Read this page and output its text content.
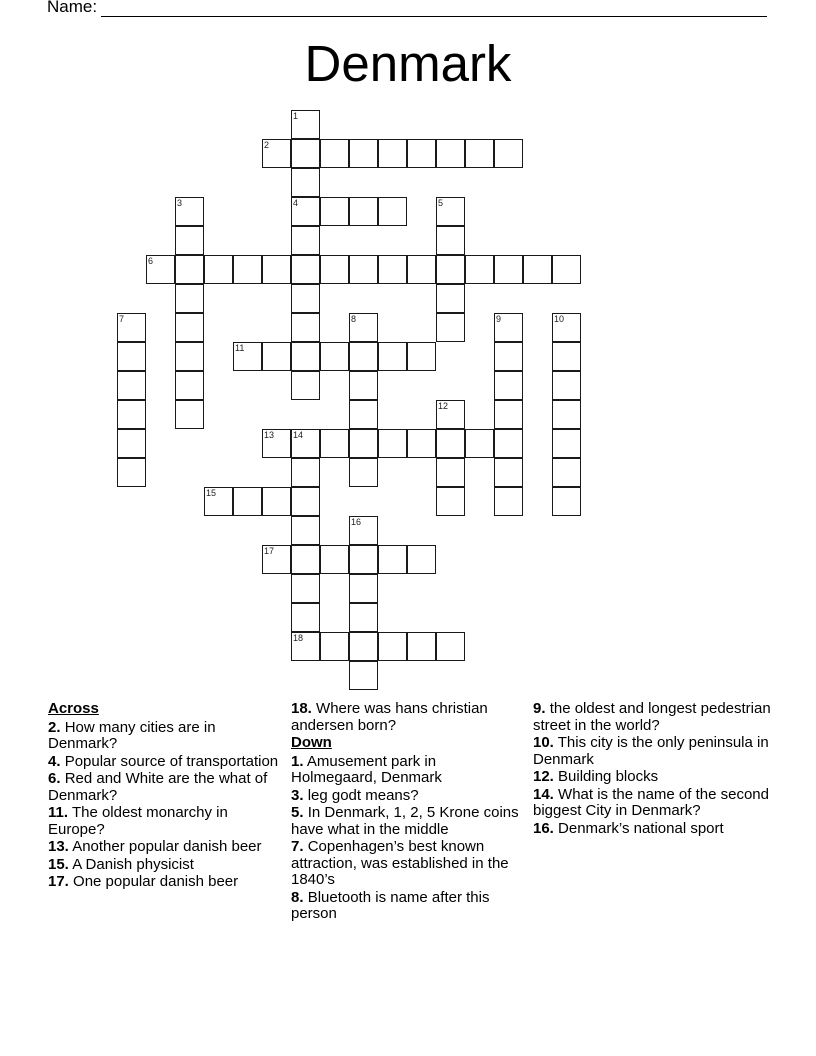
Name:
Denmark
1
4
2
3	5
6
7	8	9	10
11
12
13 14
15
16
17
18
Across
2. How many cities are in Denmark?
4. Popular source of transportation
6. Red and White are the what of Denmark?
11. The oldest monarchy in Europe?
13. Another popular danish beer
15. A Danish physicist
17. One popular danish beer
18. Where was hans christian andersen born?
Down
1. Amusement park in Holmegaard, Denmark
3. leg godt means?
5. In Denmark, 1, 2, 5 Krone coins have what in the middle
7. Copenhagen’s best known attraction, was established in the 1840’s
8. Bluetooth is name after this person
9. the oldest and longest pedestrian street in the world?
10. This city is the only peninsula in Denmark
12. Building blocks
14. What is the name of the second biggest City in Denmark?
16. Denmark’s national sport
